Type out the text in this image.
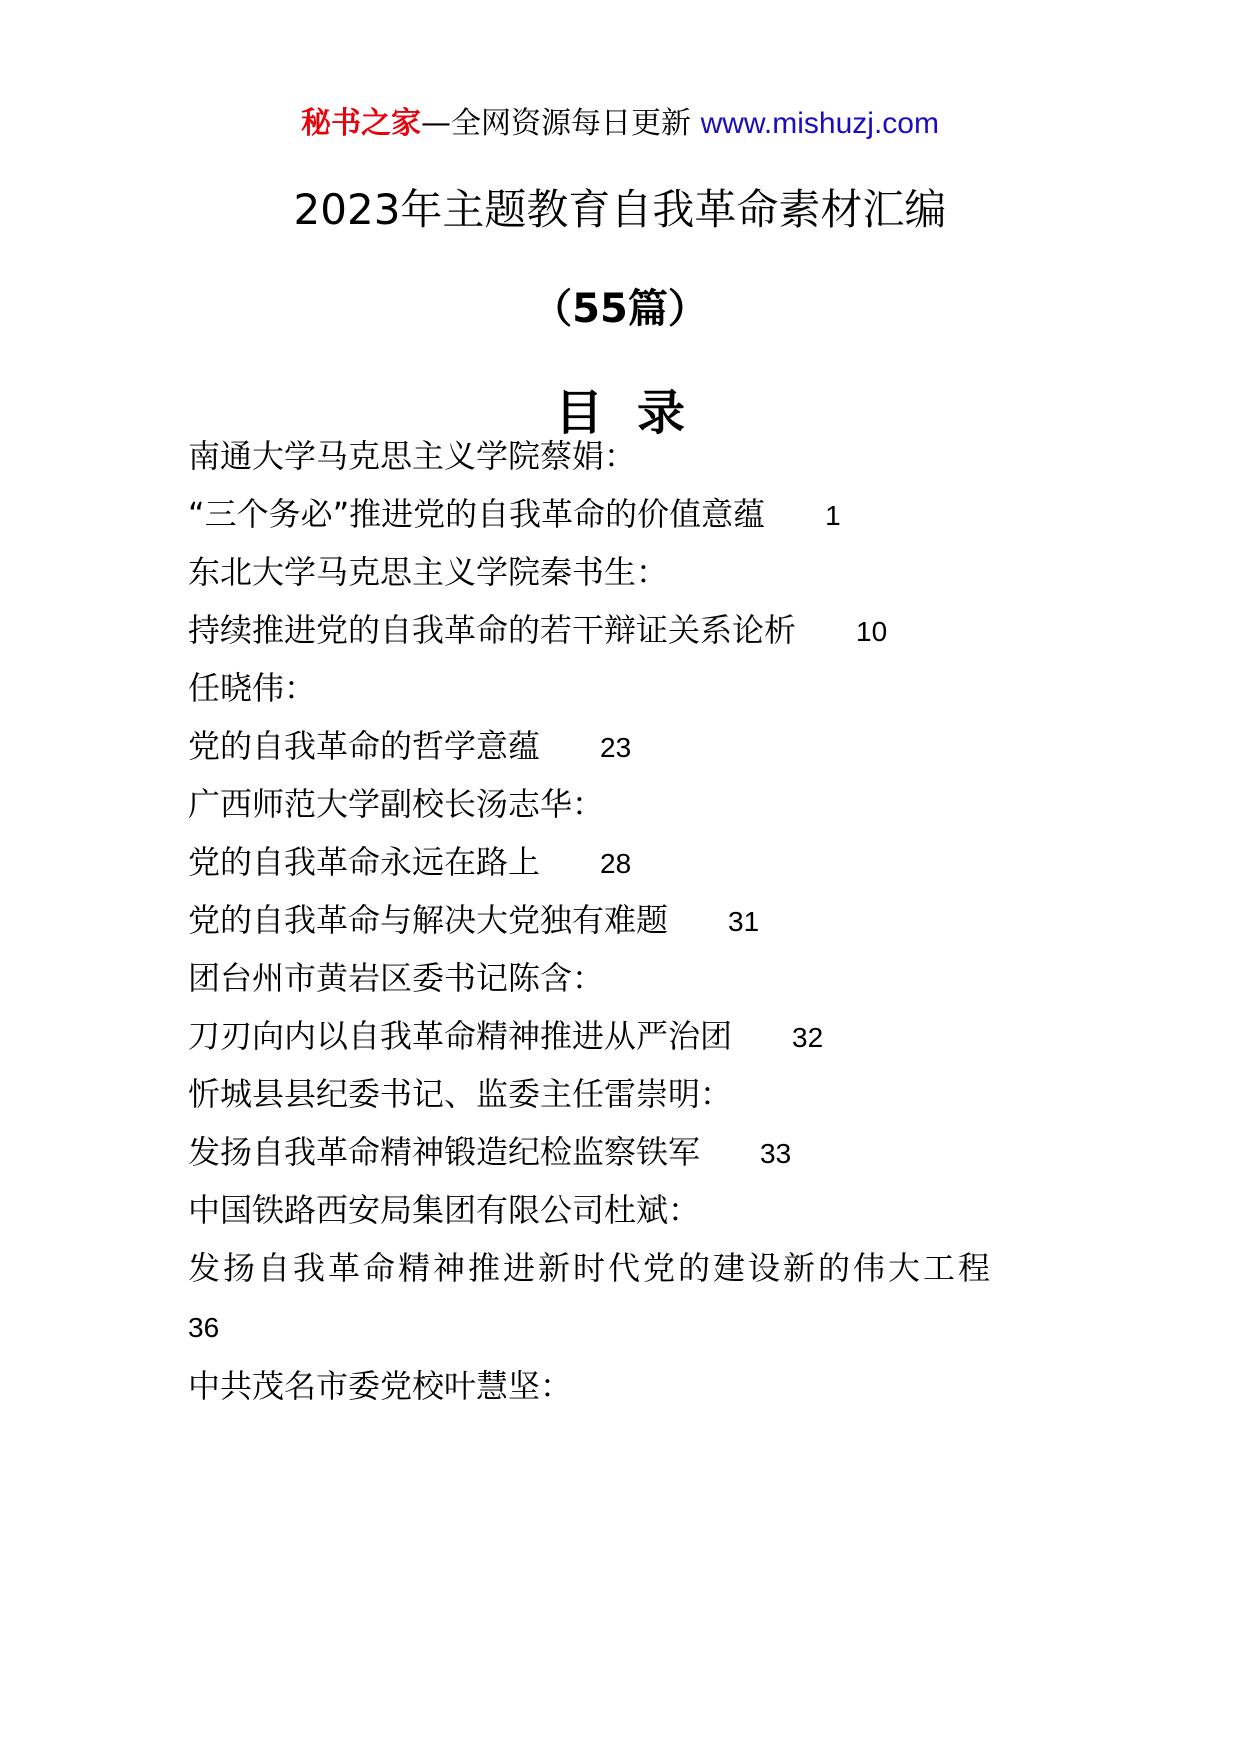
秘书之家—全网资源每日更新 www.mishuzj.com
2023年主题教育自我革命素材汇编
（55篇）
目录
南通大学马克思主义学院蔡娟：
“三个务必”推进党的自我革命的价值意蕴 1
东北大学马克思主义学院秦书生：
持续推进党的自我革命的若干辩证关系论析 10
任晓伟：
党的自我革命的哲学意蕴 23
广西师范大学副校长汤志华：
党的自我革命永远在路上 28
党的自我革命与解决大党独有难题 31
团台州市黄岩区委书记陈含：
刀刃向内以自我革命精神推进从严治团 32
忻城县县纪委书记、监委主任雷崇明：
发扬自我革命精神锻造纪检监察铁军 33
中国铁路西安局集团有限公司杜斌：
发扬自我革命精神推进新时代党的建设新的伟大工程
36
中共茂名市委党校叶慧坚：
